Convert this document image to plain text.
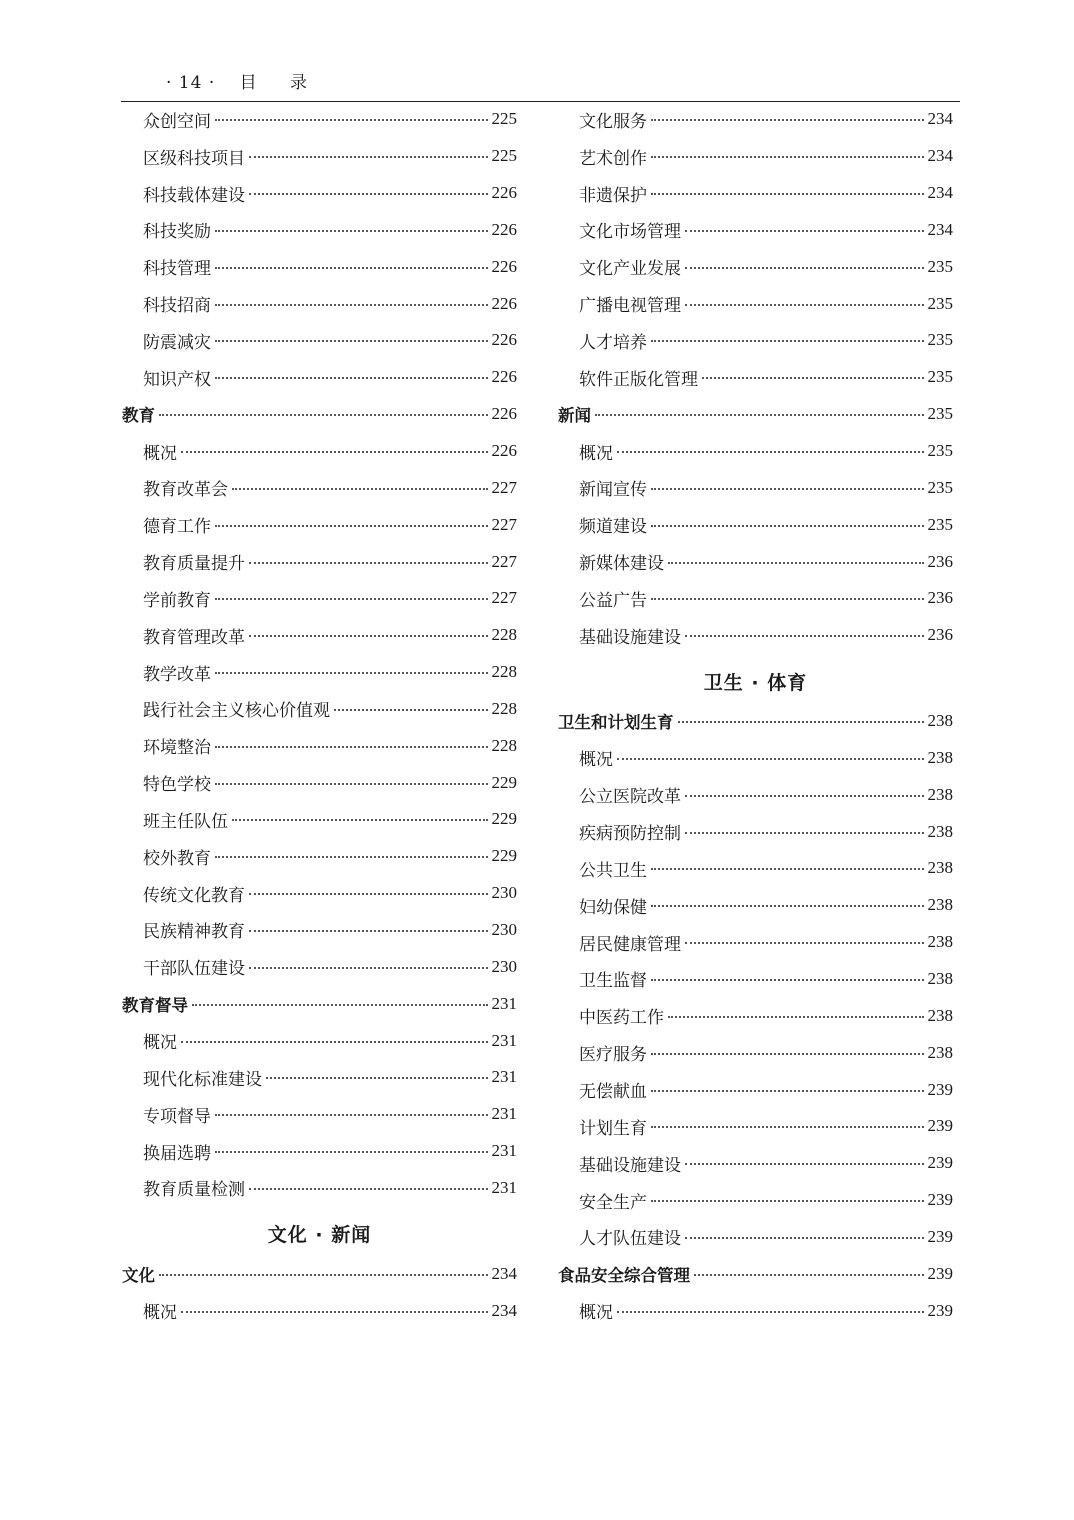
· 14 · 目 录
众创空间	225
区级科技项目	225
科技载体建设	226
科技奖励	226
科技管理	226
科技招商	226
防震减灾	226
知识产权	226
教育	226
概况	226
教育改革会	227
德育工作	227
教育质量提升	227
学前教育	227
教育管理改革	228
教学改革	228
践行社会主义核心价值观	228
环境整治	228
特色学校	229
班主任队伍	229
校外教育	229
传统文化教育	230
民族精神教育	230
干部队伍建设	230
教育督导	231
概况	231
现代化标准建设	231
专项督导	231
换届选聘	231
教育质量检测	231
文化 · 新闻
文化	234
概况	234
文化服务	234
艺术创作	234
非遗保护	234
文化市场管理	234
文化产业发展	235
广播电视管理	235
人才培养	235
软件正版化管理	235
新闻	235
概况	235
新闻宣传	235
频道建设	235
新媒体建设	236
公益广告	236
基础设施建设	236
卫生 · 体育
卫生和计划生育	238
概况	238
公立医院改革	238
疾病预防控制	238
公共卫生	238
妇幼保健	238
居民健康管理	238
卫生监督	238
中医药工作	238
医疗服务	238
无偿献血	239
计划生育	239
基础设施建设	239
安全生产	239
人才队伍建设	239
食品安全综合管理	239
概况	239
